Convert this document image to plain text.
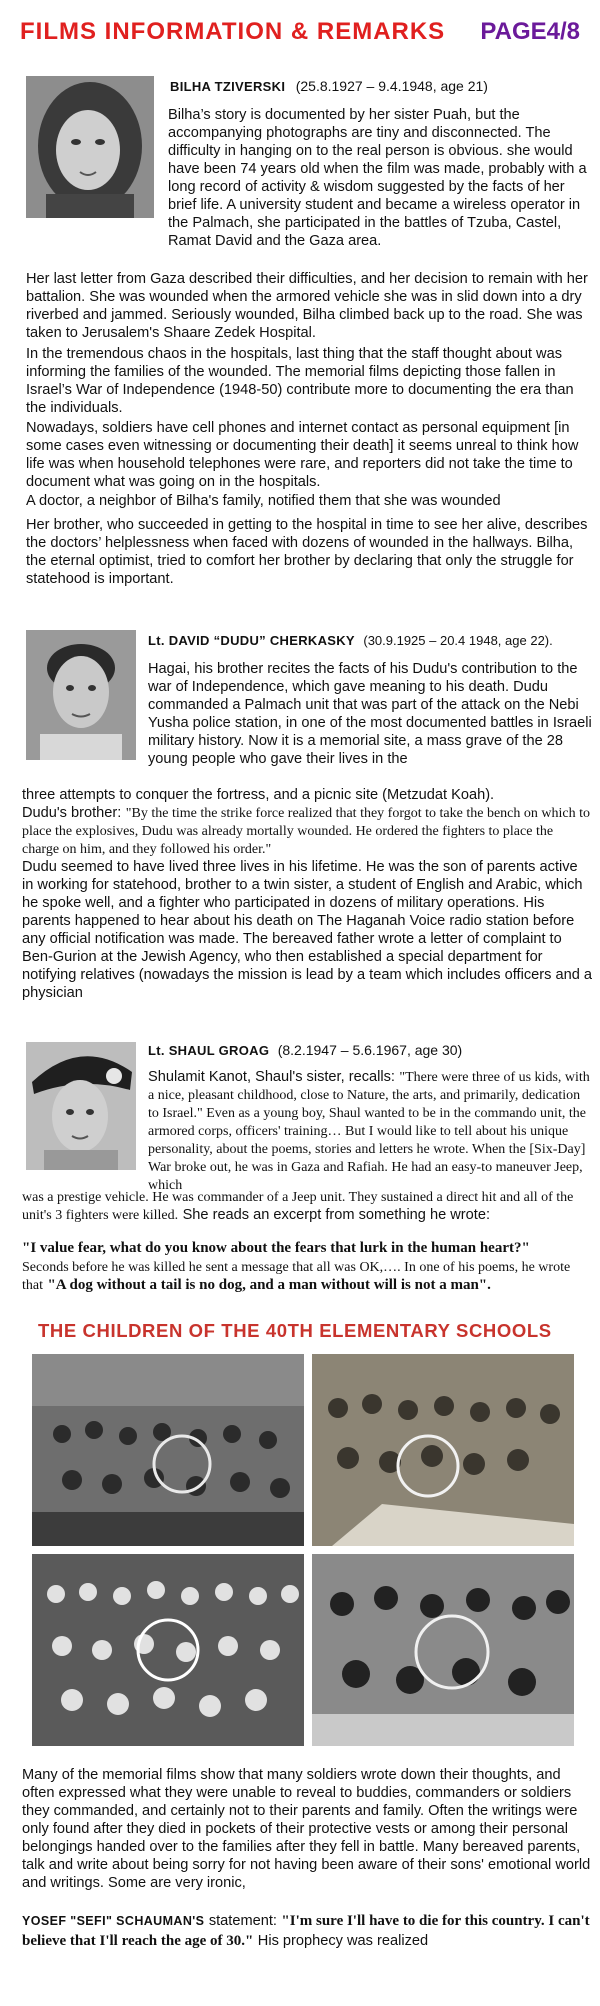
FILMS INFORMATION & REMARKS PAGE4/8
BILHA TZIVERSKI (25.8.1927 – 9.4.1948, age 21)

Bilha’s story is documented by her sister Puah, but the accompanying photographs are tiny and disconnected. The difficulty in hanging on to the real person is obvious. she would have been 74 years old when the film was made, probably with a long record of activity & wisdom suggested by the facts of her brief life. A university student and became a wireless operator in the Palmach, she participated in the battles of Tzuba, Castel, Ramat David and the Gaza area.

Her last letter from Gaza described their difficulties, and her decision to remain with her battalion. She was wounded when the armored vehicle she was in slid down into a dry riverbed and jammed. Seriously wounded, Bilha climbed back up to the road. She was taken to Jerusalem's Shaare Zedek Hospital.

In the tremendous chaos in the hospitals, last thing that the staff thought about was informing the families of the wounded. The memorial films depicting those fallen in Israel’s War of Independence (1948-50) contribute more to documenting the era than the individuals.

Nowadays, soldiers have cell phones and internet contact as personal equipment [in some cases even witnessing or documenting their death] it seems unreal to think how life was when household telephones were rare, and reporters did not take the time to document what was going on in the hospitals.

A doctor, a neighbor of Bilha's family, notified them that she was wounded

Her brother, who succeeded in getting to the hospital in time to see her alive, describes the doctors’ helplessness when faced with dozens of wounded in the hallways. Bilha, the eternal optimist, tried to comfort her brother by declaring that only the struggle for statehood is important.

Lt. DAVID “DUDU” CHERKASKY (30.9.1925 – 20.4 1948, age 22).

Hagai, his brother recites the facts of his Dudu's contribution to the war of Independence, which gave meaning to his death. Dudu commanded a Palmach unit that was part of the attack on the Nebi Yusha police station, in one of the most documented battles in Israeli military history. Now it is a memorial site, a mass grave of the 28 young people who gave their lives in the

three attempts to conquer the fortress, and a picnic site (Metzudat Koah).

Dudu's brother: "By the time the strike force realized that they forgot to take the bench on which to place the explosives, Dudu was already mortally wounded. He ordered the fighters to place the charge on him, and they followed his order."

Dudu seemed to have lived three lives in his lifetime. He was the son of parents active in working for statehood, brother to a twin sister, a student of English and Arabic, which he spoke well, and a fighter who participated in dozens of military operations. His parents happened to hear about his death on The Haganah Voice radio station before any official notification was made. The bereaved father wrote a letter of complaint to Ben-Gurion at the Jewish Agency, who then established a special department for notifying relatives (nowadays the mission is lead by a team which includes officers and a physician

Lt. SHAUL GROAG (8.2.1947 – 5.6.1967, age 30)

Shulamit Kanot, Shaul's sister, recalls: "There were three of us kids, with a nice, pleasant childhood, close to Nature, the arts, and primarily, dedication to Israel." Even as a young boy, Shaul wanted to be in the commando unit, the armored corps, officers' training… But I would like to tell about his unique personality, about the poems, stories and letters he wrote. When the [Six-Day] War broke out, he was in Gaza and Rafiah. He had an easy-to maneuver Jeep, which

was a prestige vehicle. He was commander of a Jeep unit. They sustained a direct hit and all of the unit's 3 fighters were killed. She reads an excerpt from something he wrote:

"I value fear, what do you know about the fears that lurk in the human heart?"

Seconds before he was killed he sent a message that all was OK,…. In one of his poems, he wrote that "A dog without a tail is no dog, and a man without will is not a man".

THE CHILDREN OF THE 40TH ELEMENTARY SCHOOLS

Many of the memorial films show that many soldiers wrote down their thoughts, and often expressed what they were unable to reveal to buddies, commanders or soldiers they commanded, and certainly not to their parents and family. Often the writings were only found after they died in pockets of their protective vests or among their personal belongings handed over to the families after they fell in battle. Many bereaved parents, talk and write about being sorry for not having been aware of their sons' emotional world and writings. Some are very ironic,

YOSEF "SEFI" SCHAUMAN'S statement: "I'm sure I'll have to die for this country. I can't believe that I'll reach the age of 30." His prophecy was realized
